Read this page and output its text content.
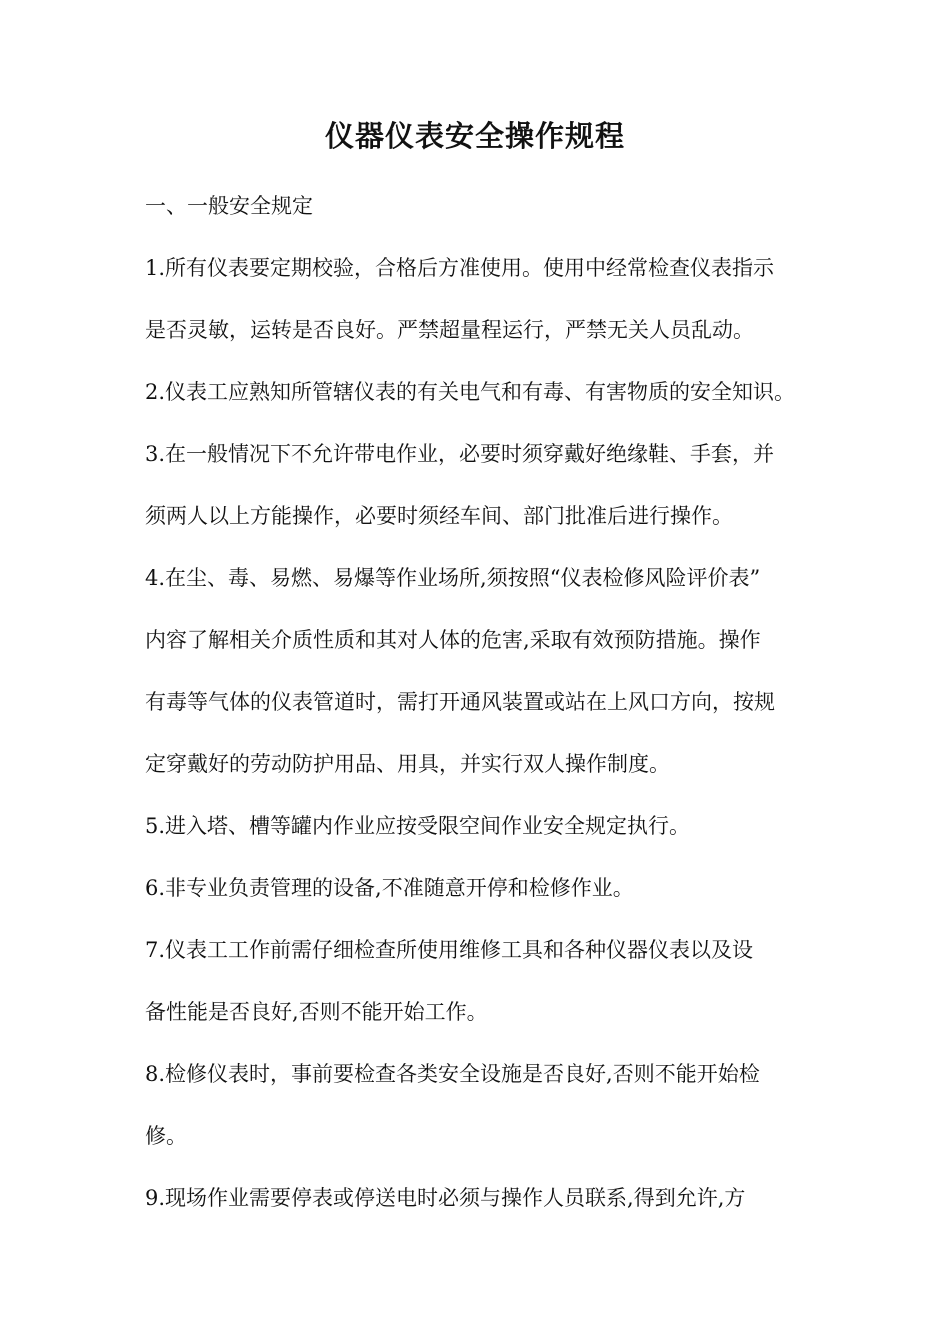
仪器仪表安全操作规程
一、一般安全规定
1.所有仪表要定期校验，合格后方准使用。使用中经常检查仪表指示
是否灵敏，运转是否良好。严禁超量程运行，严禁无关人员乱动。
2.仪表工应熟知所管辖仪表的有关电气和有毒、有害物质的安全知识。
3.在一般情况下不允许带电作业，必要时须穿戴好绝缘鞋、手套，并
须两人以上方能操作，必要时须经车间、部门批准后进行操作。
4.在尘、毒、易燃、易爆等作业场所,须按照“仪表检修风险评价表”
内容了解相关介质性质和其对人体的危害,采取有效预防措施。操作
有毒等气体的仪表管道时，需打开通风装置或站在上风口方向，按规
定穿戴好的劳动防护用品、用具，并实行双人操作制度。
5.进入塔、槽等罐内作业应按受限空间作业安全规定执行。
6.非专业负责管理的设备,不准随意开停和检修作业。
7.仪表工工作前需仔细检查所使用维修工具和各种仪器仪表以及设
备性能是否良好,否则不能开始工作。
8.检修仪表时，事前要检查各类安全设施是否良好,否则不能开始检
修。
9.现场作业需要停表或停送电时必须与操作人员联系,得到允许,方
